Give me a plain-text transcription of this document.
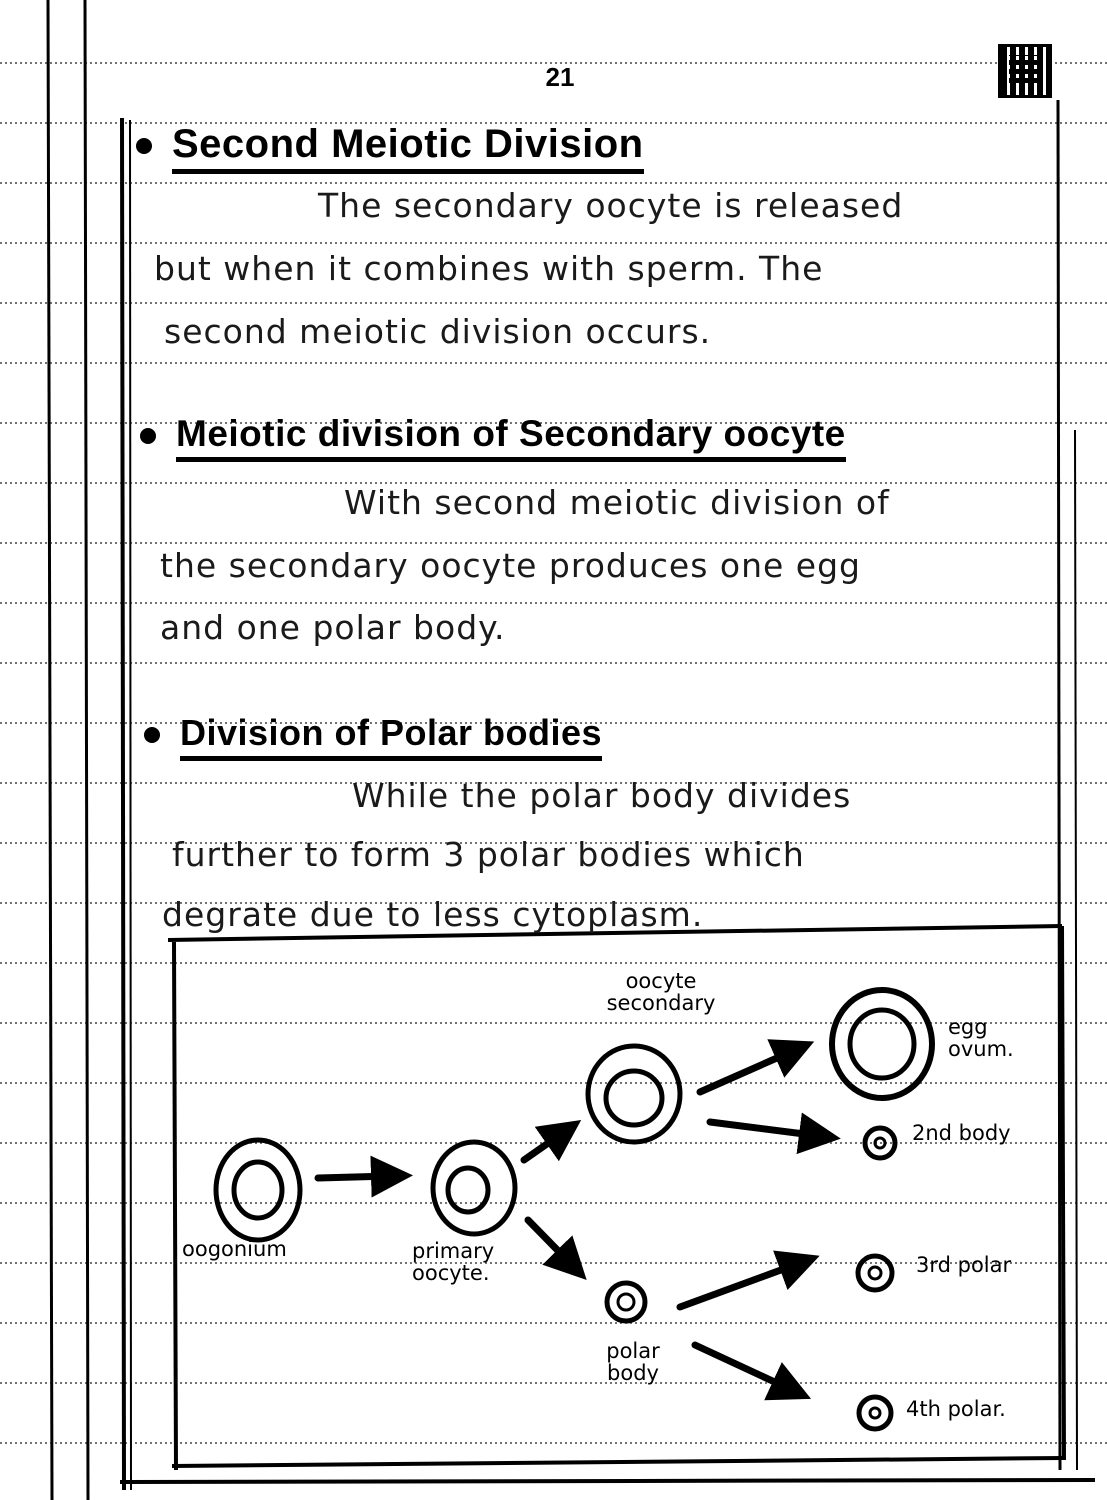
21
Second Meiotic Division
The secondary oocyte is released
but when it combines with sperm. The
second meiotic division occurs.
Meiotic division of Secondary oocyte
With second meiotic division of
the secondary oocyte produces one egg
and one polar body.
Division of Polar bodies
While the polar body divides
further to form 3 polar bodies which
degrate due to less cytoplasm.
oogonium	primary oocyte.
oocyte secondary
egg ovum.
2nd body
polar body
3rd polar
4th polar.
